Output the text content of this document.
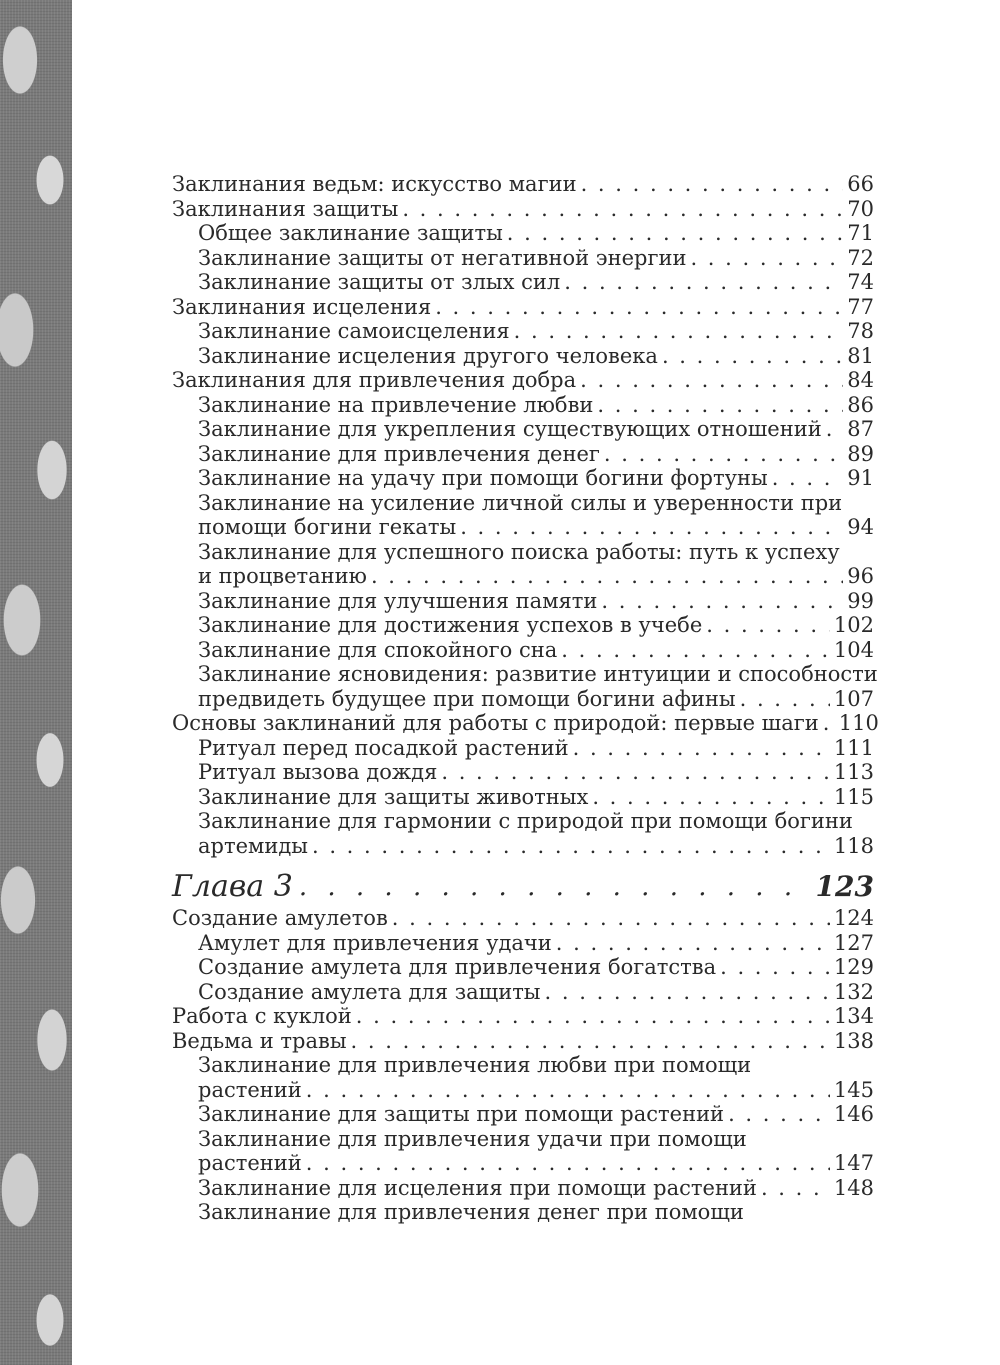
Заклинания ведьм: искусство магии . . .	66
Заклинания защиты . . .	70
Общее заклинание защиты . . .	71
Заклинание защиты от негативной энергии . . .	72
Заклинание защиты от злых сил . . .	74
Заклинания исцеления . . .	77
Заклинание самоисцеления . . .	78
Заклинание исцеления другого человека . . .	81
Заклинания для привлечения добра . . .	84
Заклинание на привлечение любви . . .	86
Заклинание для укрепления существующих отношений . . . 87
Заклинание для привлечения денег . . .	89
Заклинание на удачу при помощи богини фортуны . . .	91
Заклинание на усиление личной силы и уверенности при
помощи богини гекаты . . .	94
Заклинание для успешного поиска работы: путь к успеху
и процветанию . . .	96
Заклинание для улучшения памяти . . .	99
Заклинание для достижения успехов в учебе . . .	102
Заклинание для спокойного сна . . .	104
Заклинание ясновидения: развитие интуиции и способности
предвидеть будущее при помощи богини афины . . .	107
Основы заклинаний для работы с природой: первые шаги . . . 110
Ритуал перед посадкой растений . . .	111
Ритуал вызова дождя . . .	113
Заклинание для защиты животных . . .	115
Заклинание для гармонии с природой при помощи богини
артемиды . . .	118
Глава 3 . . .	123
Создание амулетов . . .	124
Амулет для привлечения удачи . . .	127
Создание амулета для привлечения богатства . . .	129
Создание амулета для защиты . . .	132
Работа с куклой . . .	134
Ведьма и травы . . .	138
Заклинание для привлечения любви при помощи
растений . . .	145
Заклинание для защиты при помощи растений . . .	146
Заклинание для привлечения удачи при помощи
растений . . .	147
Заклинание для исцеления при помощи растений . . .	148
Заклинание для привлечения денег при помощи
